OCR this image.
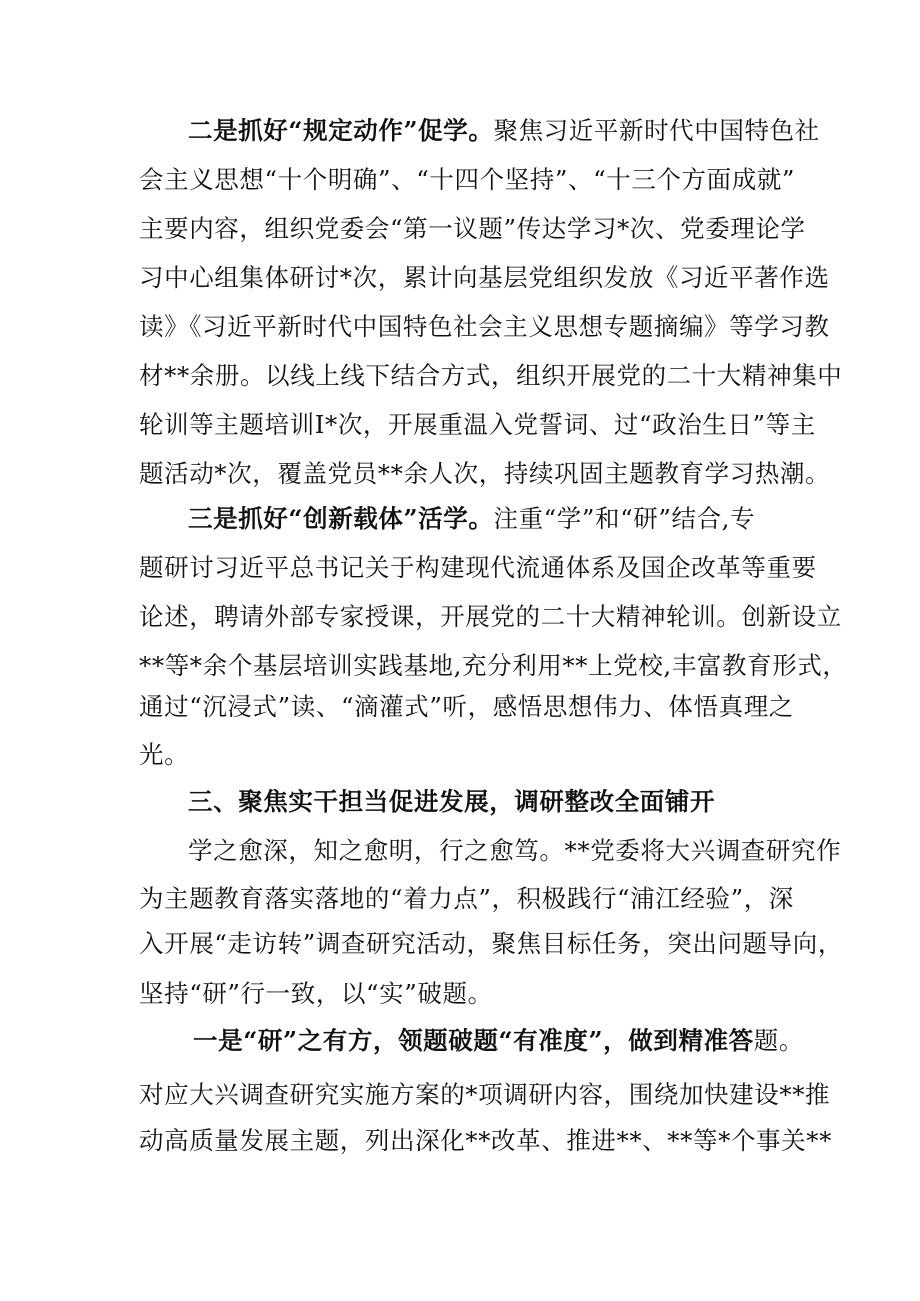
二是抓好“规定动作”促学。聚焦习近平新时代中国特色社
会主义思想“十个明确”、“十四个坚持”、“十三个方面成就”
主要内容，组织党委会“第一议题”传达学习*次、党委理论学
习中心组集体研讨*次，累计向基层党组织发放《习近平著作选
读》《习近平新时代中国特色社会主义思想专题摘编》等学习教
材**余册。以线上线下结合方式，组织开展党的二十大精神集中
轮训等主题培训I*次，开展重温入党誓词、过“政治生日”等主
题活动*次，覆盖党员**余人次，持续巩固主题教育学习热潮。
三是抓好“创新载体”活学。注重“学”和“研”结合,专
题研讨习近平总书记关于构建现代流通体系及国企改革等重要
论述，聘请外部专家授课，开展党的二十大精神轮训。创新设立
**等*余个基层培训实践基地,充分利用**上党校,丰富教育形式，
通过“沉浸式”读、“滴灌式”听，感悟思想伟力、体悟真理之
光。
三、聚焦实干担当促进发展，调研整改全面铺开
学之愈深，知之愈明，行之愈笃。**党委将大兴调查研究作
为主题教育落实落地的“着力点”，积极践行“浦江经验”，深
入开展“走访转”调查研究活动，聚焦目标任务，突出问题导向，
坚持“研”行一致，以“实”破题。
一是“研”之有方，领题破题“有准度”，做到精准答题。
对应大兴调查研究实施方案的*项调研内容，围绕加快建设**推
动高质量发展主题，列出深化**改革、推进**、**等*个事关**
